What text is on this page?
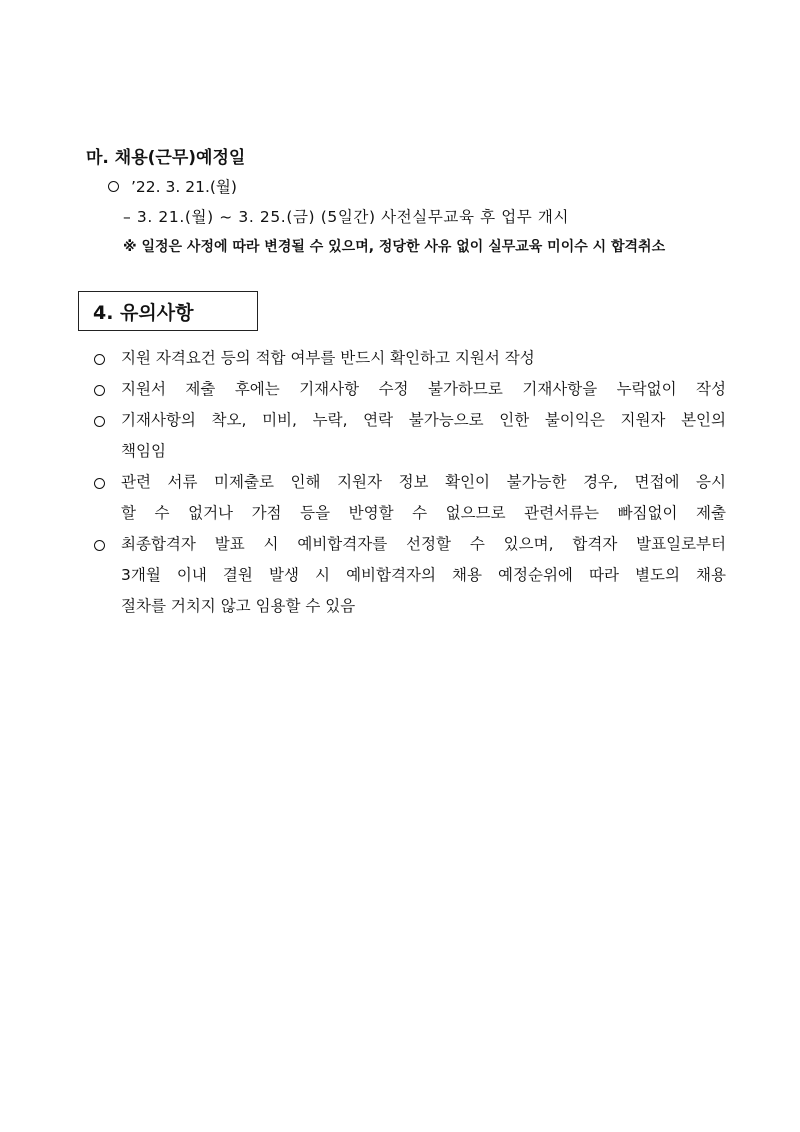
마. 채용(근무)예정일
’22. 3. 21.(월)
– 3. 21.(월) ~ 3. 25.(금) (5일간) 사전실무교육 후 업무 개시
※ 일정은 사정에 따라 변경될 수 있으며, 정당한 사유 없이 실무교육 미이수 시 합격취소
4. 유의사항
지원 자격요건 등의 적합 여부를 반드시 확인하고 지원서 작성
지원서 제출 후에는 기재사항 수정 불가하므로 기재사항을 누락없이 작성
기재사항의 착오, 미비, 누락, 연락 불가능으로 인한 불이익은 지원자 본인의
책임임
관련 서류 미제출로 인해 지원자 정보 확인이 불가능한 경우, 면접에 응시
할 수 없거나 가점 등을 반영할 수 없으므로 관련서류는 빠짐없이 제출
최종합격자 발표 시 예비합격자를 선정할 수 있으며, 합격자 발표일로부터
3개월 이내 결원 발생 시 예비합격자의 채용 예정순위에 따라 별도의 채용
절차를 거치지 않고 임용할 수 있음
